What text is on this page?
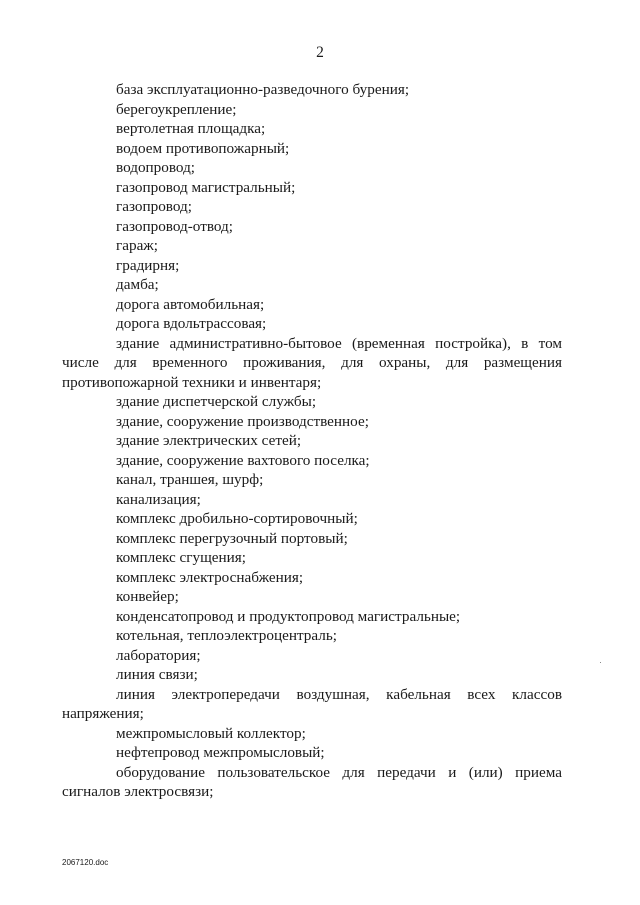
2

база эксплуатационно-разведочного бурения;

берегоукрепление;

вертолетная площадка;

водоем противопожарный;

водопровод;

газопровод магистральный;

газопровод;

газопровод-отвод;

гараж;

градирня;

дамба;

дорога автомобильная;

дорога вдольтрассовая;

здание административно-бытовое (временная постройка), в том числе для временного проживания, для охраны, для размещения противопожарной техники и инвентаря;

здание диспетчерской службы;

здание, сооружение производственное;

здание электрических сетей;

здание, сооружение вахтового поселка;

канал, траншея, шурф;

канализация;

комплекс дробильно-сортировочный;

комплекс перегрузочный портовый;

комплекс сгущения;

комплекс электроснабжения;

конвейер;

конденсатопровод и продуктопровод магистральные;

котельная, теплоэлектроцентраль;

лаборатория;

линия связи;

линия электропередачи воздушная, кабельная всех классов напряжения;

межпромысловый коллектор;

нефтепровод межпромысловый;

оборудование пользовательское для передачи и (или) приема сигналов электросвязи;

2067120.doc
